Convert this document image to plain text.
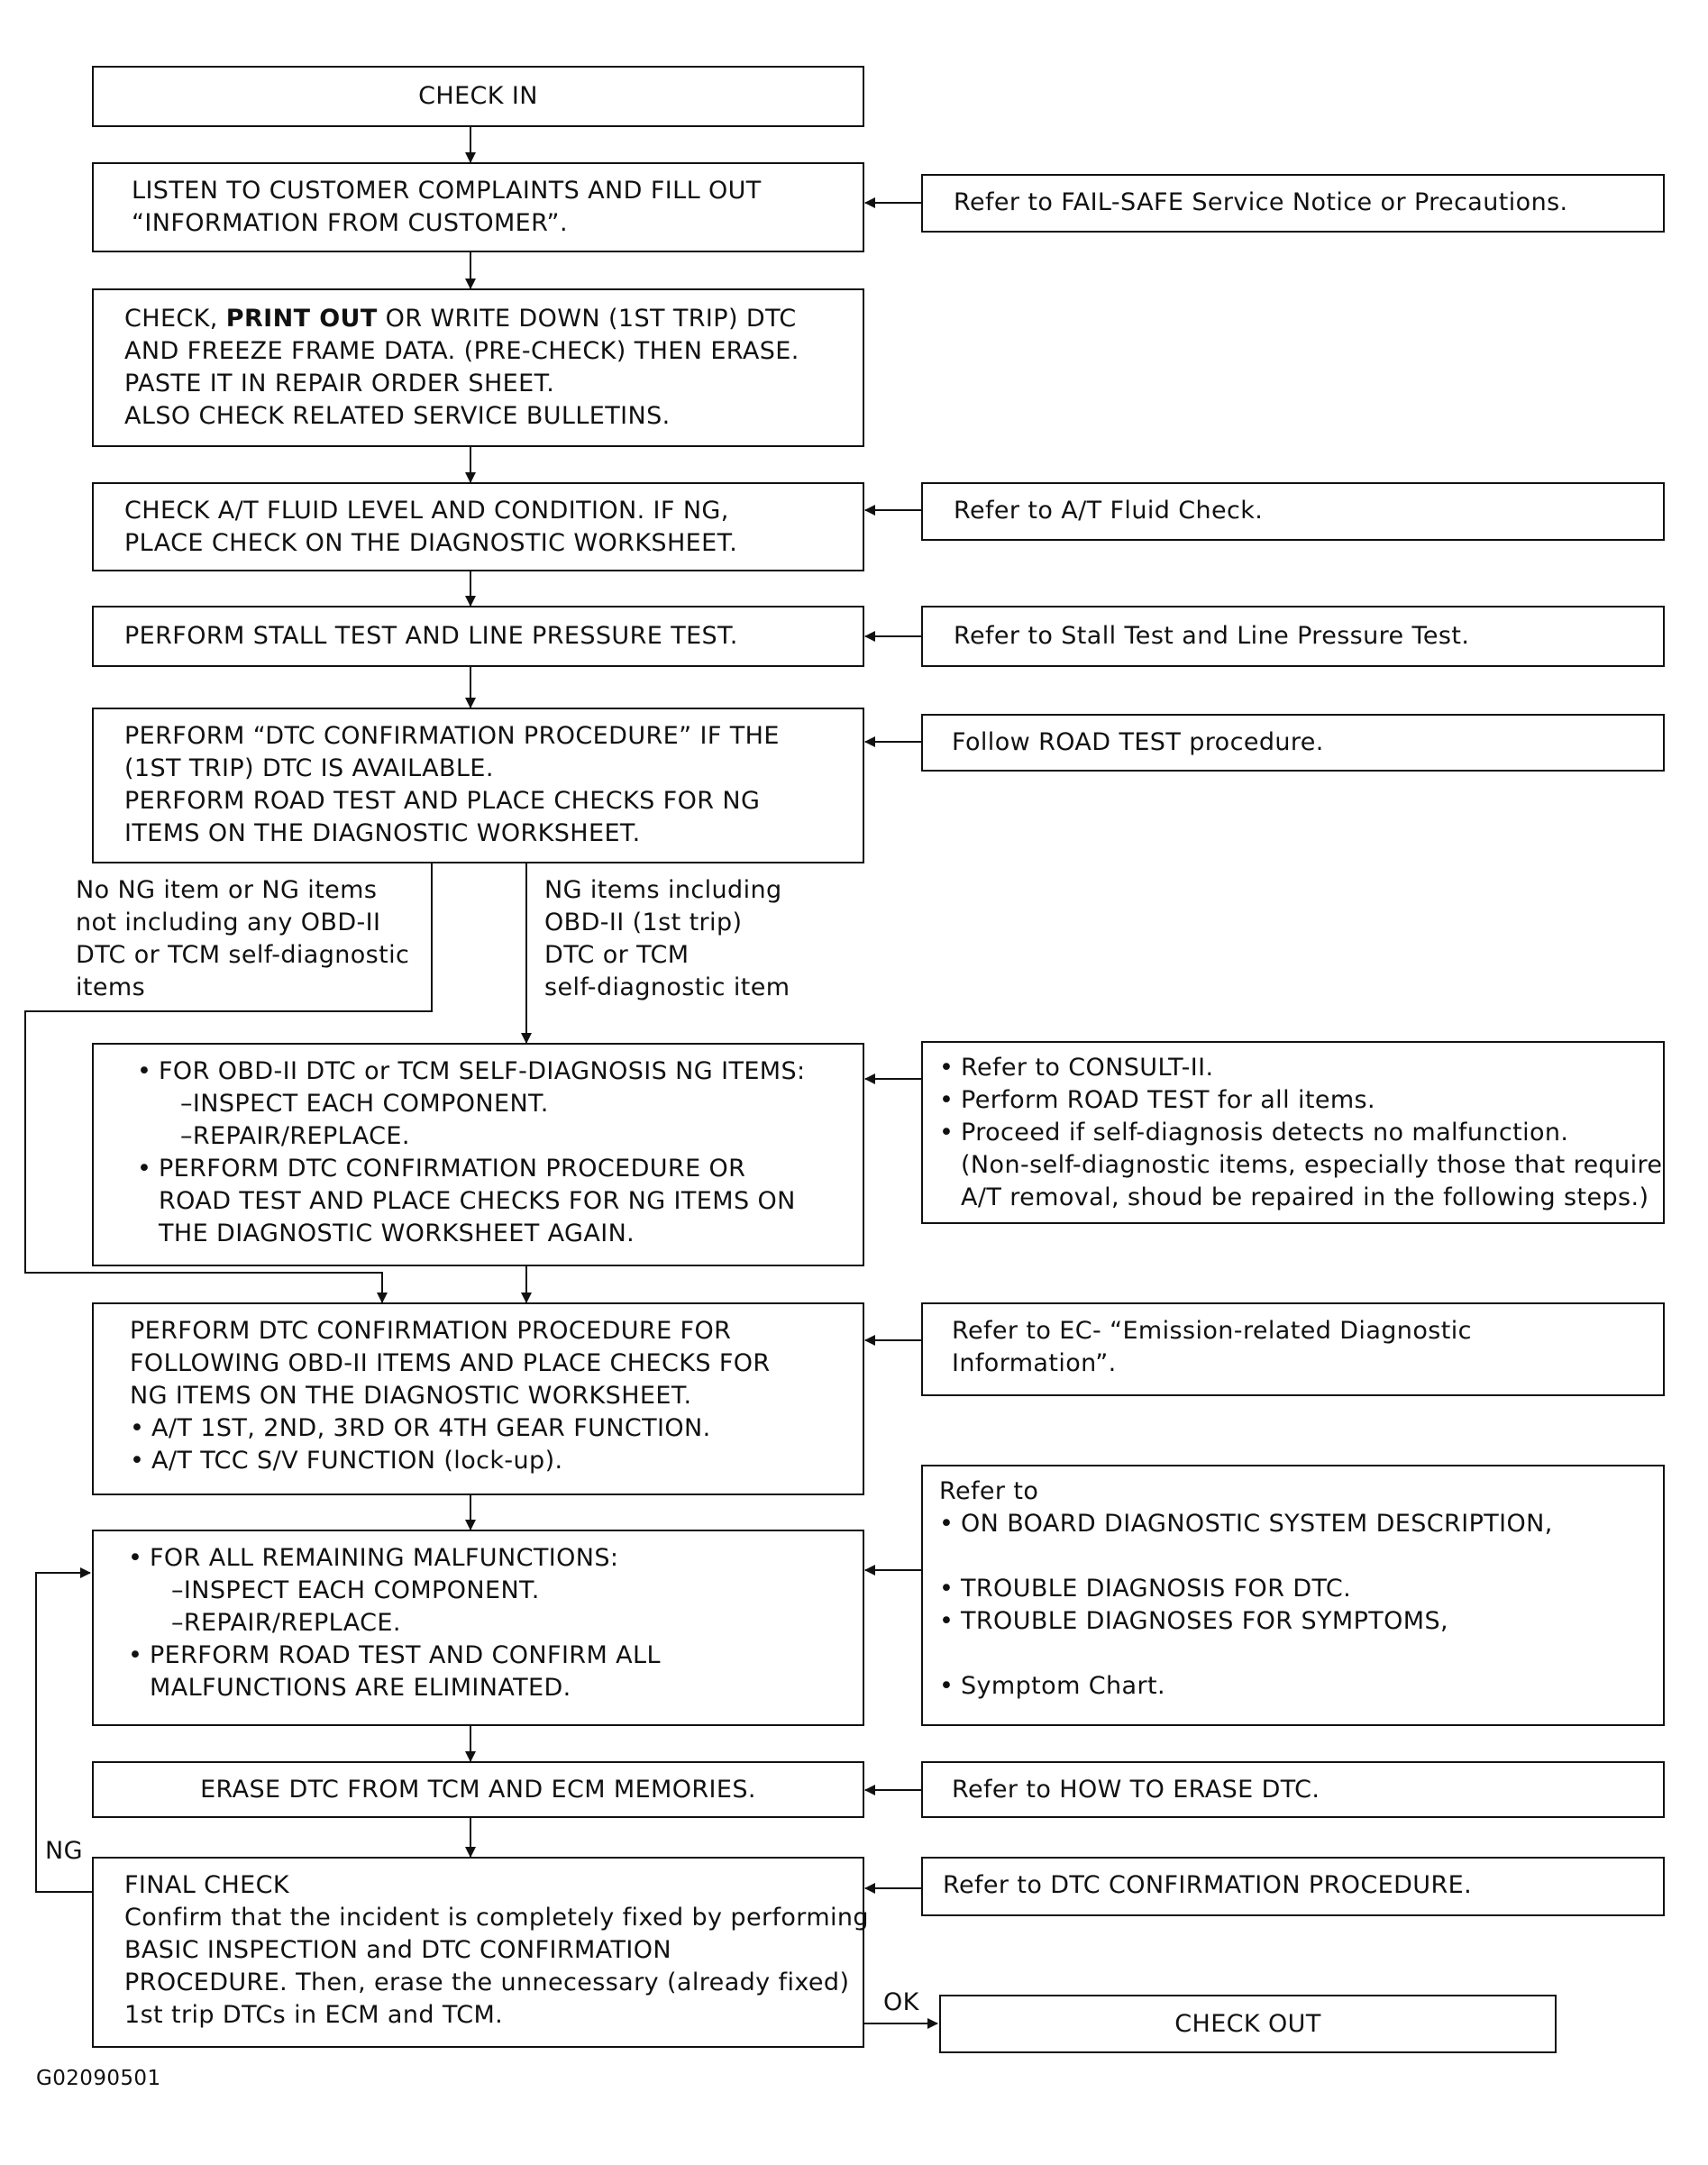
CHECK IN
LISTEN TO CUSTOMER COMPLAINTS AND FILL OUT
“INFORMATION FROM CUSTOMER”.
CHECK, PRINT OUT OR WRITE DOWN (1ST TRIP) DTC
AND FREEZE FRAME DATA. (PRE-CHECK) THEN ERASE.
PASTE IT IN REPAIR ORDER SHEET.
ALSO CHECK RELATED SERVICE BULLETINS.
CHECK A/T FLUID LEVEL AND CONDITION. IF NG,
PLACE CHECK ON THE DIAGNOSTIC WORKSHEET.
PERFORM STALL TEST AND LINE PRESSURE TEST.
PERFORM “DTC CONFIRMATION PROCEDURE” IF THE
(1ST TRIP) DTC IS AVAILABLE.
PERFORM ROAD TEST AND PLACE CHECKS FOR NG
ITEMS ON THE DIAGNOSTIC WORKSHEET.
No NG item or NG items
not including any OBD-II
DTC or TCM self-diagnostic
items
NG items including
OBD-II (1st trip)
DTC or TCM
self-diagnostic item
• FOR OBD-II DTC or TCM SELF-DIAGNOSIS NG ITEMS:
–INSPECT EACH COMPONENT.
–REPAIR/REPLACE.
• PERFORM DTC CONFIRMATION PROCEDURE OR
ROAD TEST AND PLACE CHECKS FOR NG ITEMS ON
THE DIAGNOSTIC WORKSHEET AGAIN.
PERFORM DTC CONFIRMATION PROCEDURE FOR
FOLLOWING OBD-II ITEMS AND PLACE CHECKS FOR
NG ITEMS ON THE DIAGNOSTIC WORKSHEET.
• A/T 1ST, 2ND, 3RD OR 4TH GEAR FUNCTION.
• A/T TCC S/V FUNCTION (lock-up).
• FOR ALL REMAINING MALFUNCTIONS:
–INSPECT EACH COMPONENT.
–REPAIR/REPLACE.
• PERFORM ROAD TEST AND CONFIRM ALL
MALFUNCTIONS ARE ELIMINATED.
ERASE DTC FROM TCM AND ECM MEMORIES.
FINAL CHECK
Confirm that the incident is completely fixed by performing
BASIC INSPECTION and DTC CONFIRMATION
PROCEDURE. Then, erase the unnecessary (already fixed)
1st trip DTCs in ECM and TCM.	CHECK OUT
NG
OK
Refer to FAIL-SAFE Service Notice or Precautions.
Refer to A/T Fluid Check.
Refer to Stall Test and Line Pressure Test.
Follow ROAD TEST procedure.
• Refer to CONSULT-II.
• Perform ROAD TEST for all items.
• Proceed if self-diagnosis detects no malfunction.
(Non-self-diagnostic items, especially those that require
A/T removal, shoud be repaired in the following steps.)
Refer to EC- “Emission-related Diagnostic
Information”.
Refer to
• ON BOARD DIAGNOSTIC SYSTEM DESCRIPTION,

• TROUBLE DIAGNOSIS FOR DTC.
• TROUBLE DIAGNOSES FOR SYMPTOMS,

• Symptom Chart.
Refer to HOW TO ERASE DTC.
Refer to DTC CONFIRMATION PROCEDURE.
G02090501
